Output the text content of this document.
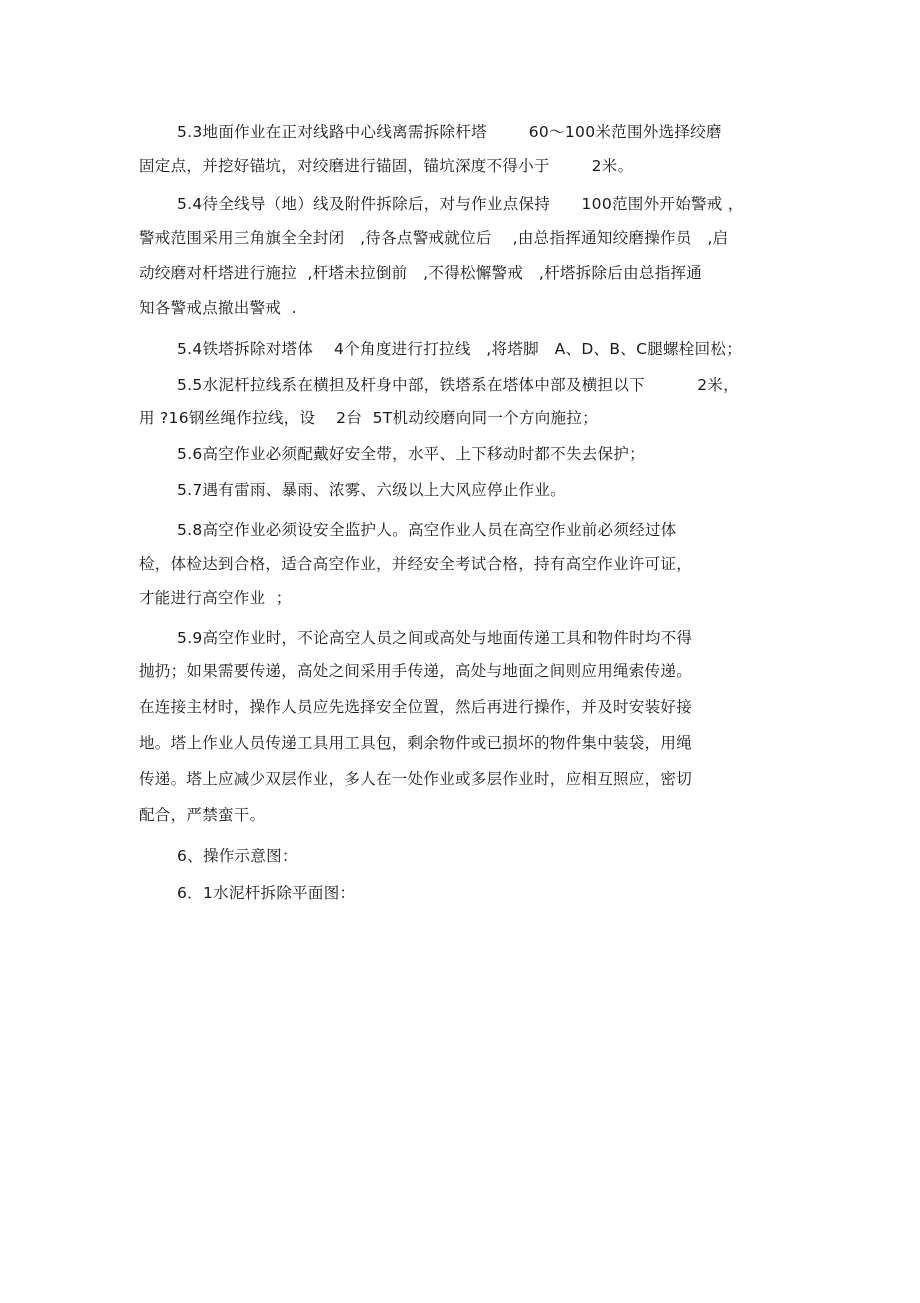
5.3地面作业在正对线路中心线离需拆除杆塔        60～100米范围外选择绞磨
固定点，并挖好锚坑，对绞磨进行锚固，锚坑深度不得小于        2米。
5.4待全线导（地）线及附件拆除后，对与作业点保持      100范围外开始警戒 ，
警戒范围采用三角旗全全封闭   ,待各点警戒就位后    ,由总指挥通知绞磨操作员   ,启
动绞磨对杆塔进行施拉  ,杆塔未拉倒前   ,不得松懈警戒   ,杆塔拆除后由总指挥通
知各警戒点撤出警戒  .
5.4铁塔拆除对塔体    4个角度进行打拉线   ,将塔脚   A、D、B、C腿螺栓回松；
5.5水泥杆拉线系在横担及杆身中部，铁塔系在塔体中部及横担以下          2米，
用 ?16钢丝绳作拉线，设    2台  5T机动绞磨向同一个方向施拉；
5.6高空作业必须配戴好安全带，水平、上下移动时都不失去保护；
5.7遇有雷雨、暴雨、浓雾、六级以上大风应停止作业。
5.8高空作业必须设安全监护人。高空作业人员在高空作业前必须经过体
检，体检达到合格，适合高空作业，并经安全考试合格，持有高空作业许可证，
才能进行高空作业  ；
5.9高空作业时，不论高空人员之间或高处与地面传递工具和物件时均不得
抛扔；如果需要传递，高处之间采用手传递，高处与地面之间则应用绳索传递。
在连接主材时，操作人员应先选择安全位置，然后再进行操作，并及时安装好接
地。塔上作业人员传递工具用工具包，剩余物件或已损坏的物件集中装袋，用绳
传递。塔上应减少双层作业，多人在一处作业或多层作业时，应相互照应，密切
配合，严禁蛮干。
6、操作示意图：
6．1水泥杆拆除平面图：
